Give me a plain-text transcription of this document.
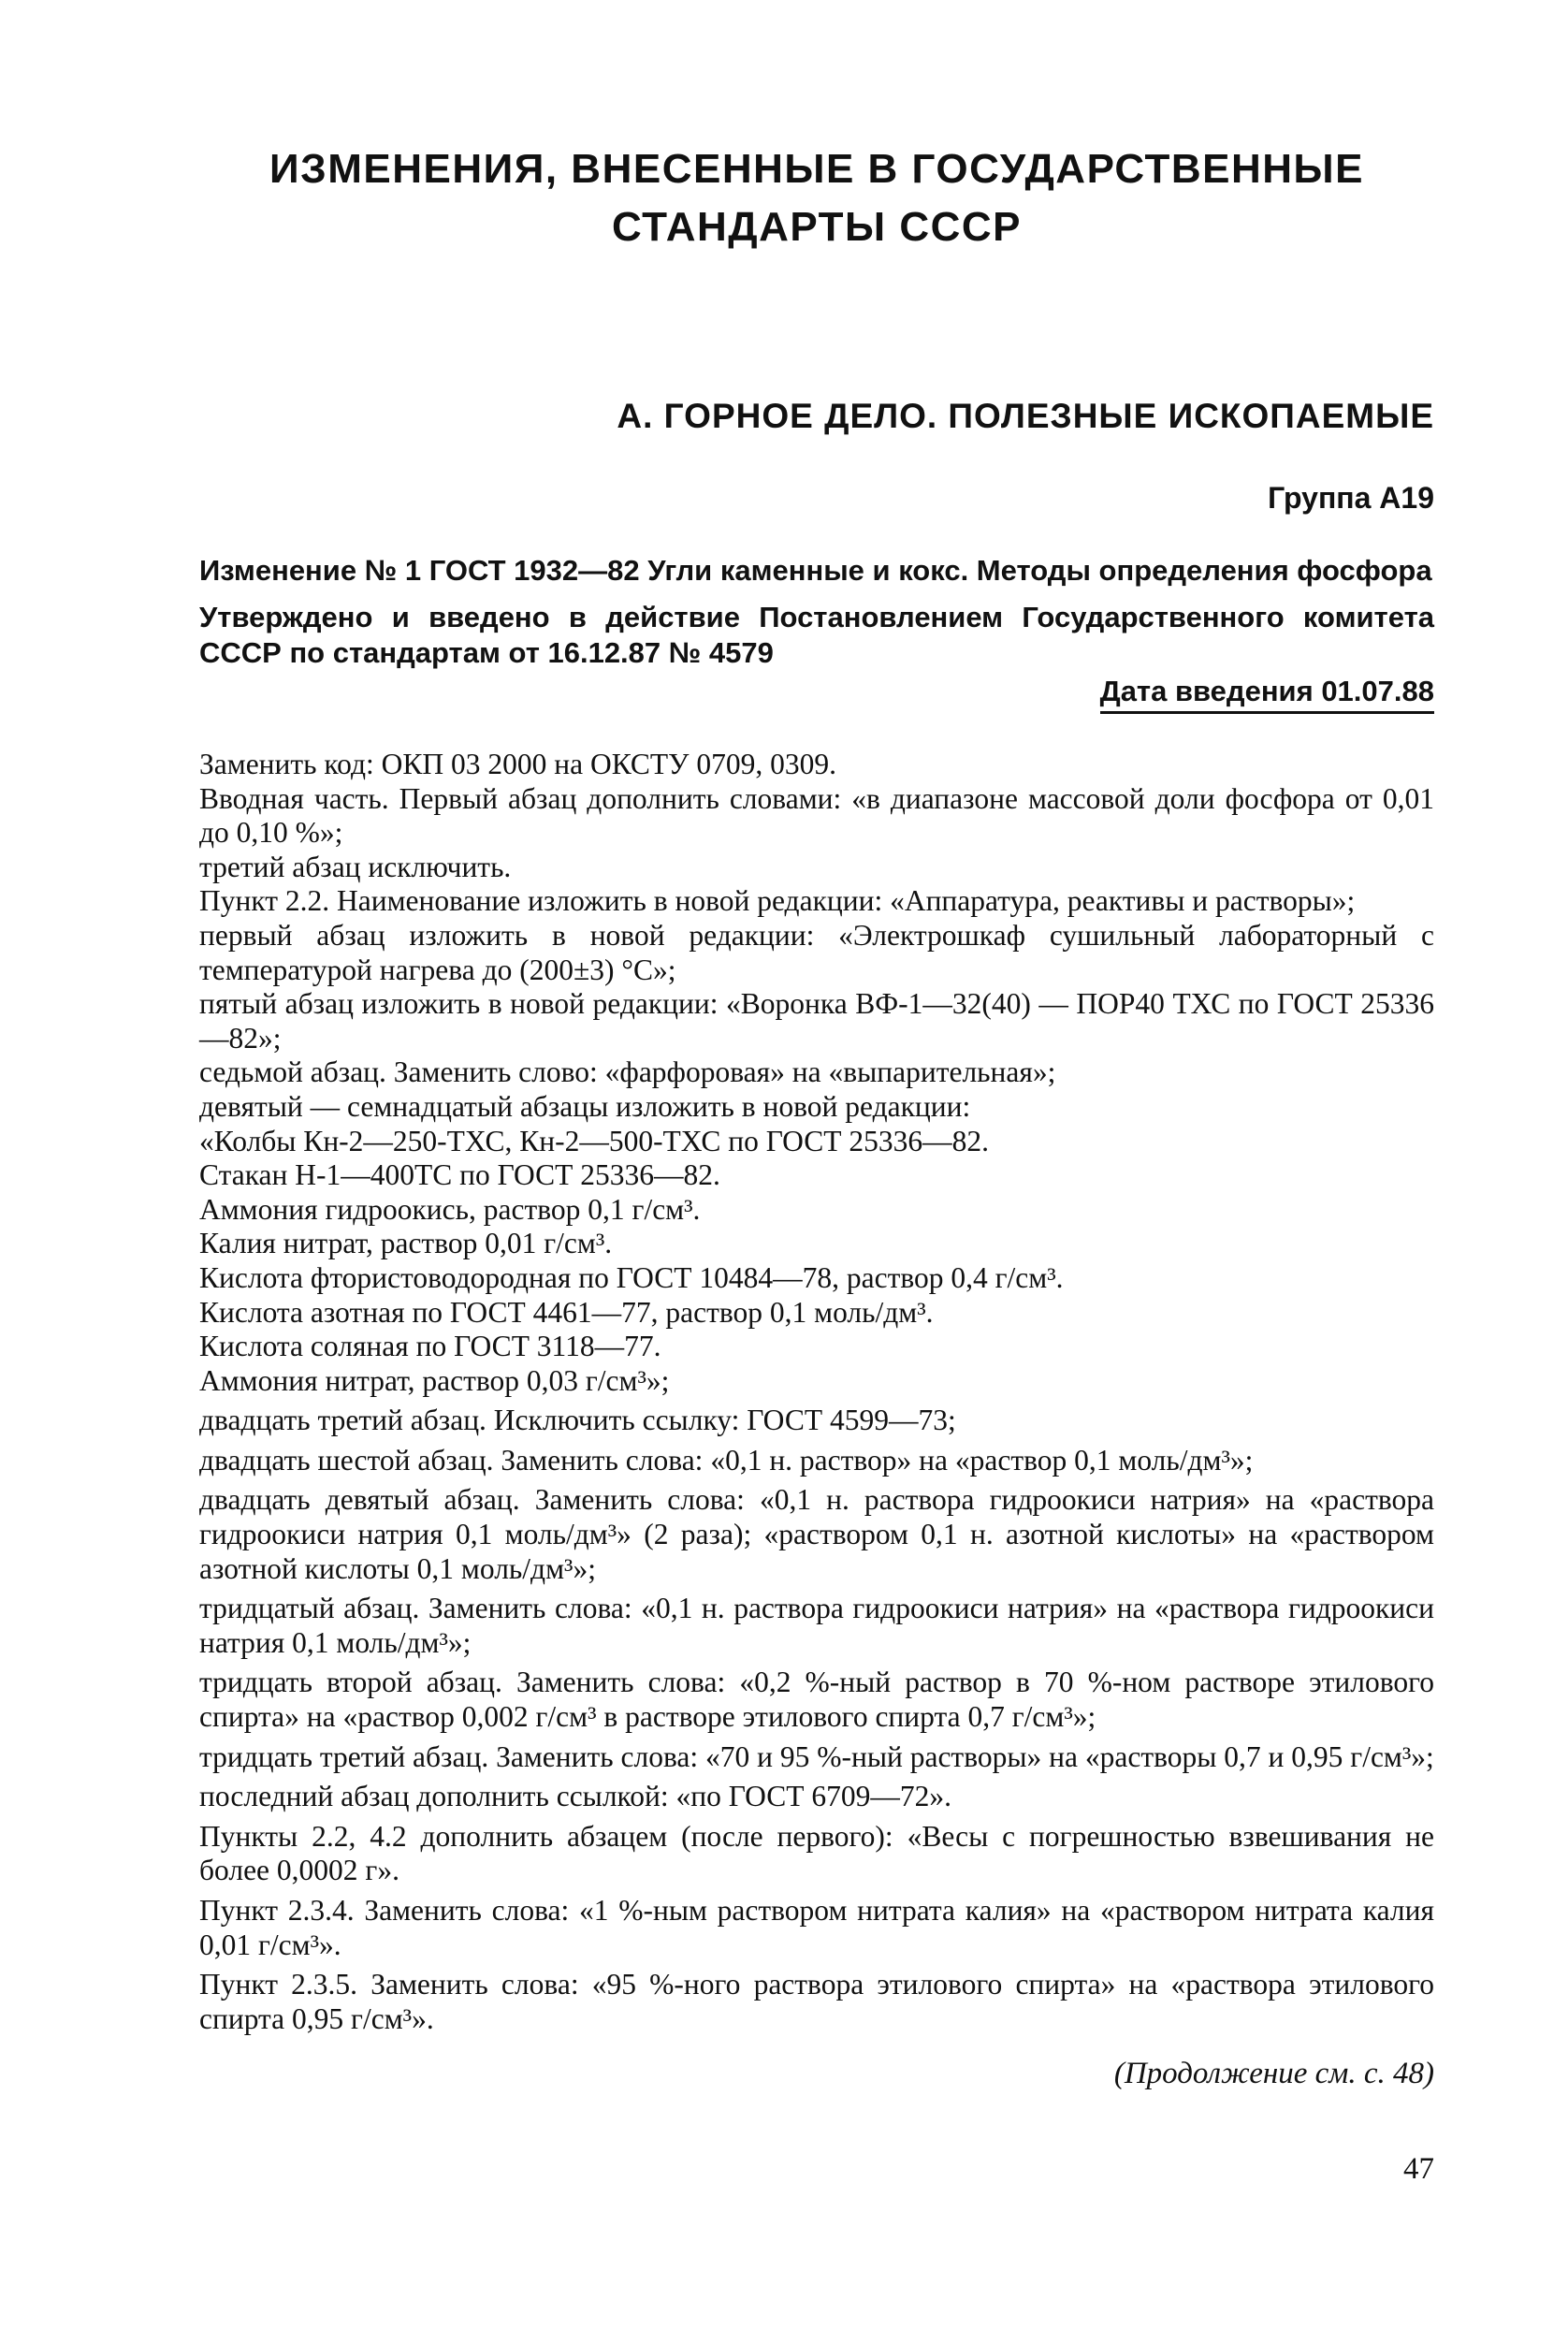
ИЗМЕНЕНИЯ, ВНЕСЕННЫЕ В ГОСУДАРСТВЕННЫЕ
СТАНДАРТЫ СССР
А. ГОРНОЕ ДЕЛО. ПОЛЕЗНЫЕ ИСКОПАЕМЫЕ
Группа А19

Изменение № 1 ГОСТ 1932—82 Угли каменные и кокс. Методы определения фосфора

Утверждено и введено в действие Постановлением Государственного комитета СССР по стандартам от 16.12.87 № 4579

Дата введения 01.07.88

Заменить код: ОКП 03 2000 на ОКСТУ 0709, 0309.

Вводная часть. Первый абзац дополнить словами: «в диапазоне массовой доли фосфора от 0,01 до 0,10 %»;

третий абзац исключить.

Пункт 2.2. Наименование изложить в новой редакции: «Аппаратура, реактивы и растворы»;

первый абзац изложить в новой редакции: «Электрошкаф сушильный лабораторный с температурой нагрева до (200±3) °С»;

пятый абзац изложить в новой редакции: «Воронка ВФ-1—32(40) — ПОР40 ТХС по ГОСТ 25336—82»;

седьмой абзац. Заменить слово: «фарфоровая» на «выпарительная»;

девятый — семнадцатый абзацы изложить в новой редакции:

«Колбы Кн-2—250-ТХС, Кн-2—500-ТХС по ГОСТ 25336—82.

Стакан Н-1—400ТС по ГОСТ 25336—82.

Аммония гидроокись, раствор 0,1 г/см³.

Калия нитрат, раствор 0,01 г/см³.

Кислота фтористоводородная по ГОСТ 10484—78, раствор 0,4 г/см³.

Кислота азотная по ГОСТ 4461—77, раствор 0,1 моль/дм³.

Кислота соляная по ГОСТ 3118—77.

Аммония нитрат, раствор 0,03 г/см³»;

двадцать третий абзац. Исключить ссылку: ГОСТ 4599—73;

двадцать шестой абзац. Заменить слова: «0,1 н. раствор» на «раствор 0,1 моль/дм³»;

двадцать девятый абзац. Заменить слова: «0,1 н. раствора гидроокиси натрия» на «раствора гидроокиси натрия 0,1 моль/дм³» (2 раза); «раствором 0,1 н. азотной кислоты» на «раствором азотной кислоты 0,1 моль/дм³»;

тридцатый абзац. Заменить слова: «0,1 н. раствора гидроокиси натрия» на «раствора гидроокиси натрия 0,1 моль/дм³»;

тридцать второй абзац. Заменить слова: «0,2 %-ный раствор в 70 %-ном растворе этилового спирта» на «раствор 0,002 г/см³ в растворе этилового спирта 0,7 г/см³»;

тридцать третий абзац. Заменить слова: «70 и 95 %-ный растворы» на «растворы 0,7 и 0,95 г/см³»;

последний абзац дополнить ссылкой: «по ГОСТ 6709—72».

Пункты 2.2, 4.2 дополнить абзацем (после первого): «Весы с погрешностью взвешивания не более 0,0002 г».

Пункт 2.3.4. Заменить слова: «1 %-ным раствором нитрата калия» на «раствором нитрата калия 0,01 г/см³».

Пункт 2.3.5. Заменить слова: «95 %-ного раствора этилового спирта» на «раствора этилового спирта 0,95 г/см³».

(Продолжение см. с. 48)
47
